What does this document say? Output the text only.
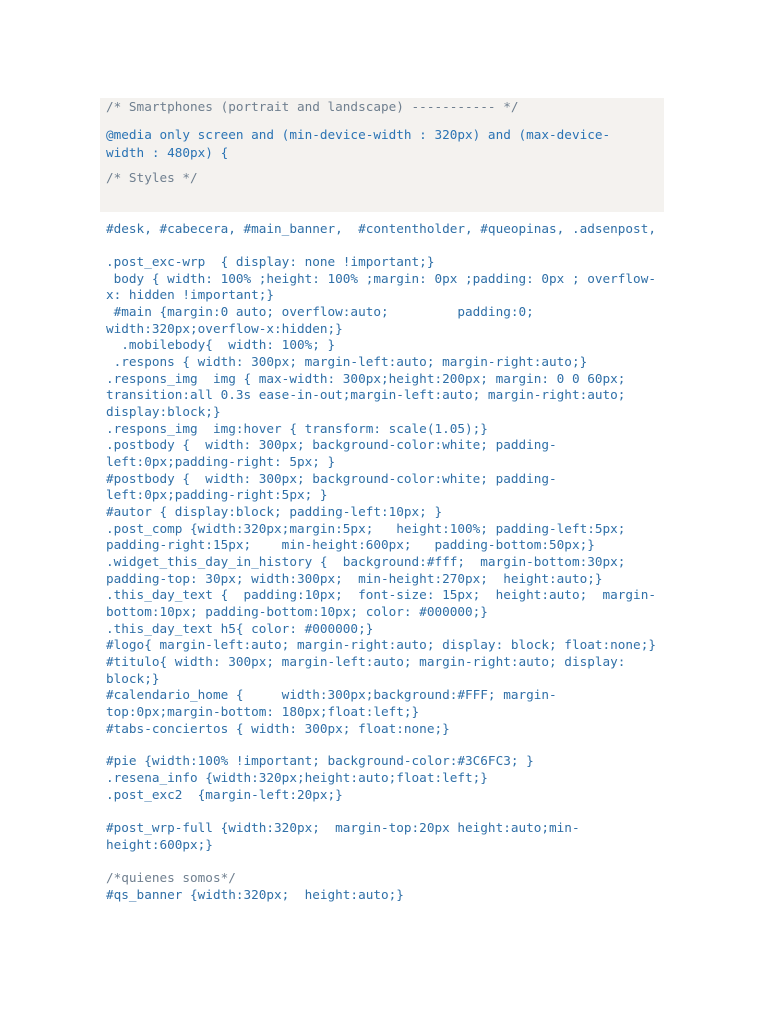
/* Smartphones (portrait and landscape) ----------- */
@media only screen and (min-device-width : 320px) and (max-device-
width : 480px) {
/* Styles */
#desk, #cabecera, #main_banner,  #contentholder, #queopinas, .adsenpost,
.post_exc-wrp  { display: none !important;}
body { width: 100% ;height: 100% ;margin: 0px ;padding: 0px ; overflow-
x: hidden !important;}
#main {margin:0 auto; overflow:auto;         padding:0;
width:320px;overflow-x:hidden;}
.mobilebody{  width: 100%; }
.respons { width: 300px; margin-left:auto; margin-right:auto;}
.respons_img  img { max-width: 300px;height:200px; margin: 0 0 60px;
transition:all 0.3s ease-in-out;margin-left:auto; margin-right:auto;
display:block;}
.respons_img  img:hover { transform: scale(1.05);}
.postbody {  width: 300px; background-color:white; padding-
left:0px;padding-right: 5px; }
#postbody {  width: 300px; background-color:white; padding-
left:0px;padding-right:5px; }
#autor { display:block; padding-left:10px; }
.post_comp {width:320px;margin:5px;   height:100%; padding-left:5px;
padding-right:15px;    min-height:600px;   padding-bottom:50px;}
.widget_this_day_in_history {  background:#fff;  margin-bottom:30px;
padding-top: 30px; width:300px;  min-height:270px;  height:auto;}
.this_day_text {  padding:10px;  font-size: 15px;  height:auto;  margin-
bottom:10px; padding-bottom:10px; color: #000000;}
.this_day_text h5{ color: #000000;}
#logo{ margin-left:auto; margin-right:auto; display: block; float:none;}
#titulo{ width: 300px; margin-left:auto; margin-right:auto; display:
block;}
#calendario_home {     width:300px;background:#FFF; margin-
top:0px;margin-bottom: 180px;float:left;}
#tabs-conciertos { width: 300px; float:none;}
#pie {width:100% !important; background-color:#3C6FC3; }
.resena_info {width:320px;height:auto;float:left;}
.post_exc2  {margin-left:20px;}
#post_wrp-full {width:320px;  margin-top:20px height:auto;min-
height:600px;}
/*quienes somos*/
#qs_banner {width:320px;  height:auto;}
